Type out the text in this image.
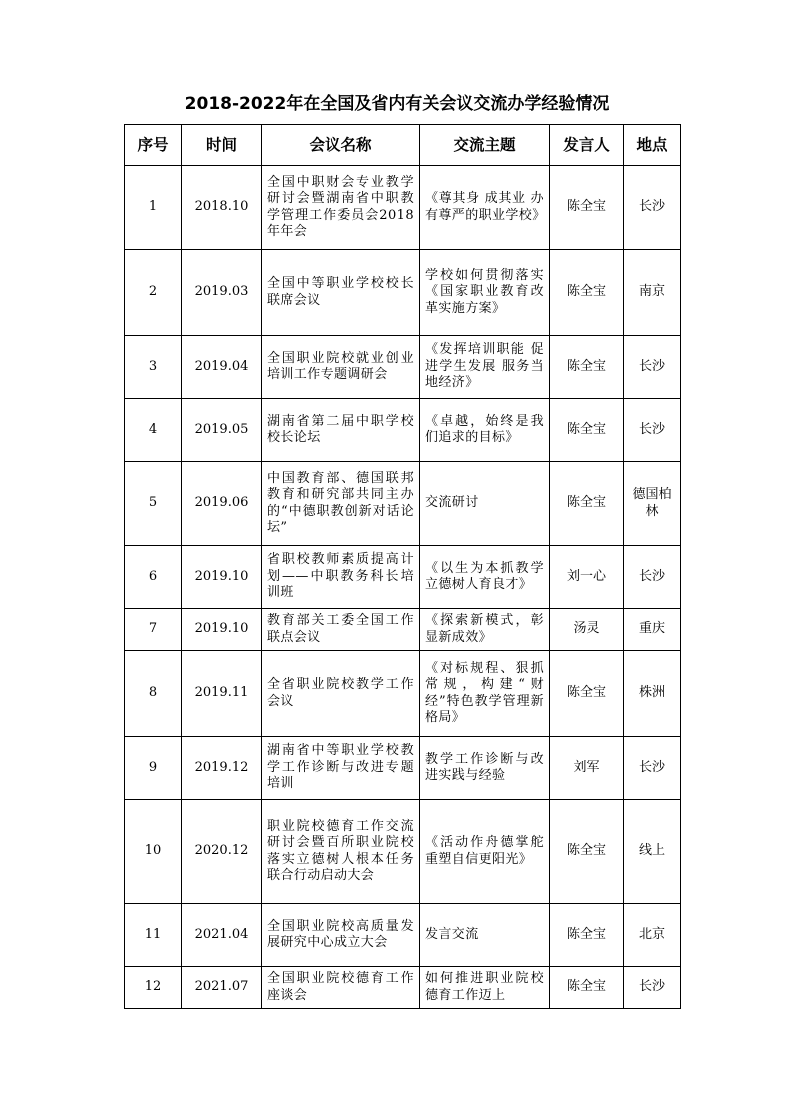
2018-2022年在全国及省内有关会议交流办学经验情况
序号	时间	会议名称	交流主题	发言人	地点
1	2018.10	全国中职财会专业教学研讨会暨湖南省中职教学管理工作委员会2018年年会	《尊其身 成其业 办有尊严的职业学校》	陈全宝	长沙
2	2019.03	全国中等职业学校校长联席会议	学校如何贯彻落实《国家职业教育改革实施方案》	陈全宝	南京
3	2019.04	全国职业院校就业创业培训工作专题调研会	《发挥培训职能 促进学生发展 服务当地经济》	陈全宝	长沙
4	2019.05	湖南省第二届中职学校校长论坛	《卓越，始终是我们追求的目标》	陈全宝	长沙
5	2019.06	中国教育部、德国联邦教育和研究部共同主办的“中德职教创新对话论坛”	交流研讨	陈全宝	德国柏林
6	2019.10	省职校教师素质提高计划——中职教务科长培训班	《以生为本抓教学 立德树人育良才》	刘一心	长沙
7	2019.10	教育部关工委全国工作联点会议	《探索新模式，彰显新成效》	汤灵	重庆
8	2019.11	全省职业院校教学工作会议	《对标规程、狠抓常规，构建“财经”特色教学管理新格局》	陈全宝	株洲
9	2019.12	湖南省中等职业学校教学工作诊断与改进专题培训	教学工作诊断与改进实践与经验	刘军	长沙
10	2020.12	职业院校德育工作交流研讨会暨百所职业院校落实立德树人根本任务联合行动启动大会	《活动作舟德掌舵 重塑自信更阳光》	陈全宝	线上
11	2021.04	全国职业院校高质量发展研究中心成立大会	发言交流	陈全宝	北京
12	2021.07	全国职业院校德育工作座谈会	如何推进职业院校德育工作迈上	陈全宝	长沙
